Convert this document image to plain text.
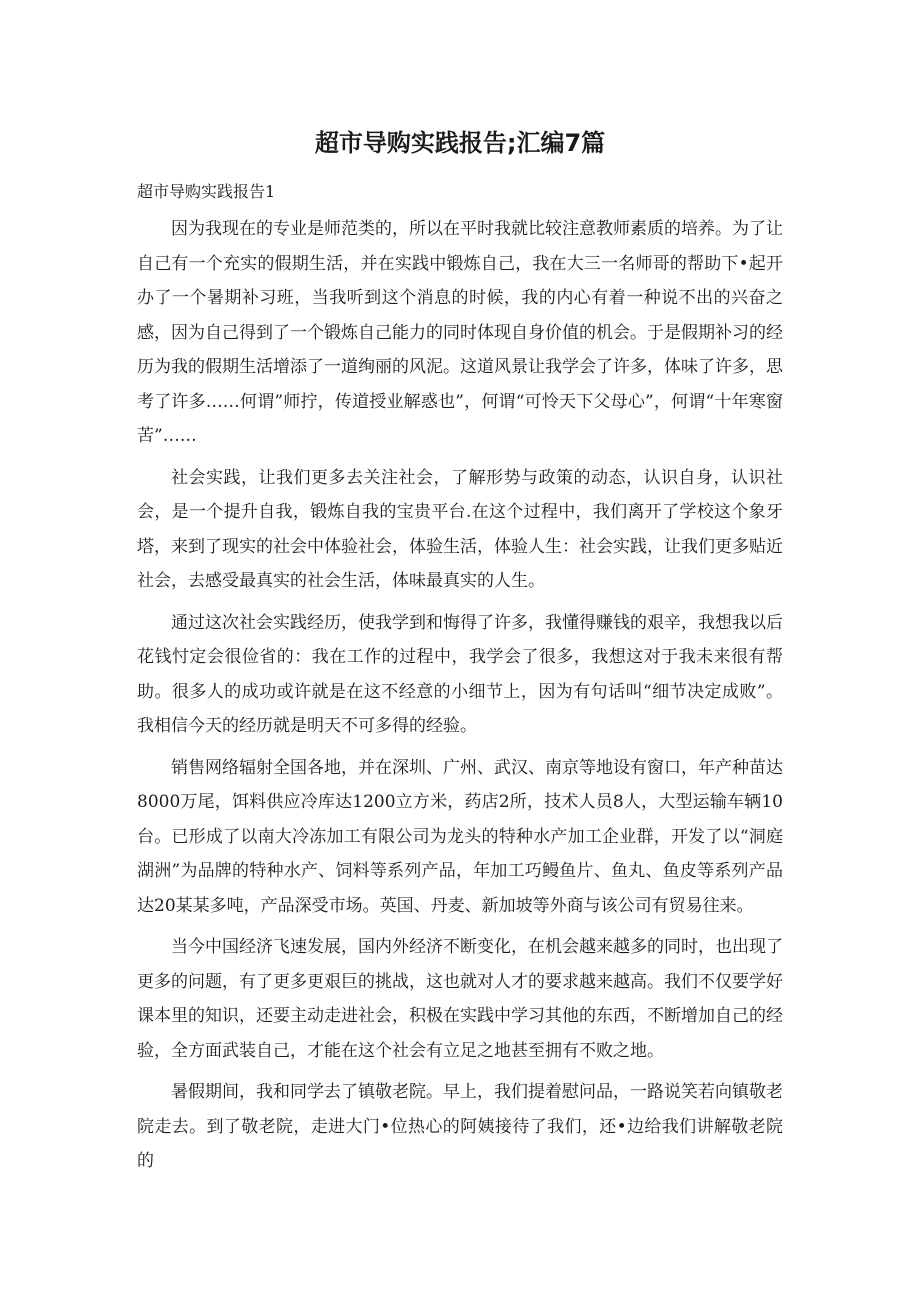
超市导购实践报告;汇编7篇

超市导购实践报告1

因为我现在的专业是师范类的，所以在平时我就比较注意教师素质的培养。为了让自己有一个充实的假期生活，并在实践中锻炼自己，我在大三一名师哥的帮助下•起开办了一个暑期补习班，当我听到这个消息的时候，我的内心有着一种说不出的兴奋之感，因为自己得到了一个锻炼自己能力的同时体现自身价值的机会。于是假期补习的经历为我的假期生活增添了一道绚丽的风泥。这道风景让我学会了许多，体味了许多，思考了许多……何谓”师拧，传道授业解惑也”，何谓“可怜天下父母心”，何谓“十年寒窗苦”……

社会实践，让我们更多去关注社会，了解形势与政策的动态，认识自身，认识社会，是一个提升自我，锻炼自我的宝贵平台.在这个过程中，我们离开了学校这个象牙塔，来到了现实的社会中体验社会，体验生活，体验人生：社会实践，让我们更多贴近社会，去感受最真实的社会生活，体味最真实的人生。

通过这次社会实践经历，使我学到和悔得了许多，我懂得赚钱的艰辛，我想我以后花钱忖定会很俭省的：我在工作的过程中，我学会了很多，我想这对于我未来很有帮助。很多人的成功或许就是在这不经意的小细节上，因为有句话叫“细节决定成败”。我相信今天的经历就是明天不可多得的经验。

销售网络辐射全国各地，并在深圳、广州、武汉、南京等地设有窗口，年产种苗达8000万尾，饵料供应冷库达1200立方米，药店2所，技术人员8人，大型运输车辆10台。已形成了以南大冷冻加工有限公司为龙头的特种水产加工企业群，开发了以“洞庭湖洲”为品牌的特种水产、饲料等系列产品，年加工巧鳗鱼片、鱼丸、鱼皮等系列产品达20某某多吨，产品深受市场。英国、丹麦、新加坡等外商与该公司有贸易往来。

当今中国经济飞速发展，国内外经济不断变化，在机会越来越多的同时，也出现了更多的问题，有了更多更艰巨的挑战，这也就对人才的要求越来越高。我们不仅要学好课本里的知识，还要主动走进社会，积极在实践中学习其他的东西，不断增加自己的经验，全方面武装自己，才能在这个社会有立足之地甚至拥有不败之地。

暑假期间，我和同学去了镇敬老院。早上，我们提着慰问品，一路说笑若向镇敬老院走去。到了敬老院，走进大门•位热心的阿姨接待了我们，还•边给我们讲解敬老院的
